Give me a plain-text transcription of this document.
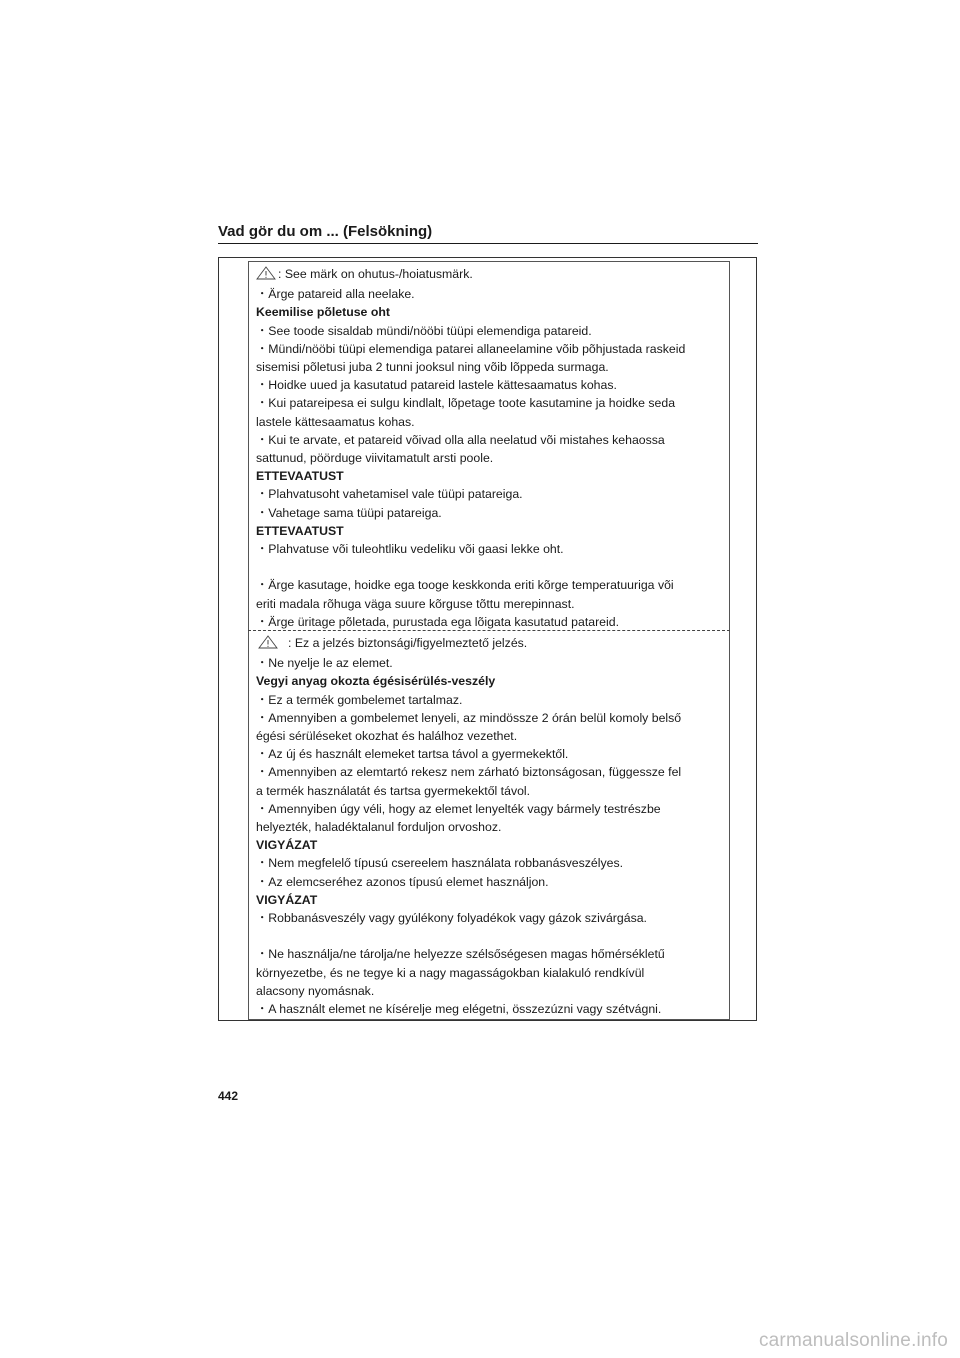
Vad gör du om ... (Felsökning)

: See märk on ohutus-/hoiatusmärk.

・Ärge patareid alla neelake.

Keemilise põletuse oht

・See toode sisaldab mündi/nööbi tüüpi elemendiga patareid.

・Mündi/nööbi tüüpi elemendiga patarei allaneelamine võib põhjustada raskeid

sisemisi põletusi juba 2 tunni jooksul ning võib lõppeda surmaga.

・Hoidke uued ja kasutatud patareid lastele kättesaamatus kohas.

・Kui patareipesa ei sulgu kindlalt, lõpetage toote kasutamine ja hoidke seda

lastele kättesaamatus kohas.

・Kui te arvate, et patareid võivad olla alla neelatud või mistahes kehaossa

sattunud, pöörduge viivitamatult arsti poole.

ETTEVAATUST

・Plahvatusoht vahetamisel vale tüüpi patareiga.

・Vahetage sama tüüpi patareiga.

ETTEVAATUST

・Plahvatuse või tuleohtliku vedeliku või gaasi lekke oht.

・Ärge kasutage, hoidke ega tooge keskkonda eriti kõrge temperatuuriga või

eriti madala rõhuga väga suure kõrguse tõttu merepinnast.

・Ärge üritage põletada, purustada ega lõigata kasutatud patareid.

: Ez a jelzés biztonsági/figyelmeztető jelzés.

・Ne nyelje le az elemet.

Vegyi anyag okozta égésisérülés-veszély

・Ez a termék gombelemet tartalmaz.

・Amennyiben a gombelemet lenyeli, az mindössze 2 órán belül komoly belső

égési sérüléseket okozhat és halálhoz vezethet.

・Az új és használt elemeket tartsa távol a gyermekektől.

・Amennyiben az elemtartó rekesz nem zárható biztonságosan, függessze fel

a termék használatát és tartsa gyermekektől távol.

・Amennyiben úgy véli, hogy az elemet lenyelték vagy bármely testrészbe

helyezték, haladéktalanul forduljon orvoshoz.

VIGYÁZAT

・Nem megfelelő típusú csereelem használata robbanásveszélyes.

・Az elemcseréhez azonos típusú elemet használjon.

VIGYÁZAT

・Robbanásveszély vagy gyúlékony folyadékok vagy gázok szivárgása.

・Ne használja/ne tárolja/ne helyezze szélsőségesen magas hőmérsékletű

környezetbe, és ne tegye ki a nagy magasságokban kialakuló rendkívül

alacsony nyomásnak.

・A használt elemet ne kísérelje meg elégetni, összezúzni vagy szétvágni.

442
carmanualsonline.info
